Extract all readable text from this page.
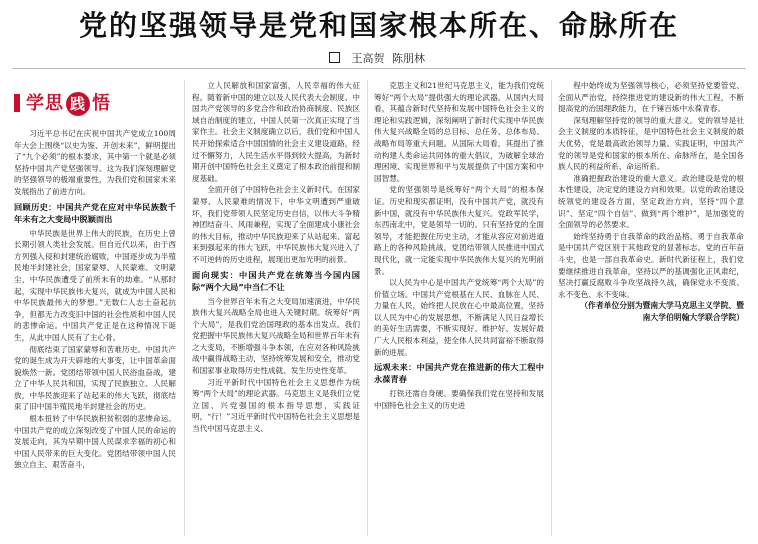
党的坚强领导是党和国家根本所在、命脉所在
王高贺 陈朋林
学思 践 悟

习近平总书记在庆祝中国共产党成立100周年大会上围绕“以史为鉴、开创未来”，鲜明提出了“九个必须”的根本要求，其中第一个就是必须坚持中国共产党坚强领导。这为我们深刻理解党的坚强领导的极端重要性，为我们党和国家未来发展指出了前进方向。

回顾历史：中国共产党在应对中华民族数千年未有之大变局中脱颖而出

中华民族是世界上伟大的民族，在历史上曾长期引领人类社会发展。但自近代以来，由于西方列强入侵和封建统治腐败，中国逐步成为半殖民地半封建社会，国家蒙辱、人民蒙难、文明蒙尘，中华民族遭受了前所未有的劫难。“从那时起，实现中华民族伟大复兴，就成为中国人民和中华民族最伟大的梦想。”无数仁人志士奋起抗争，但都无力改变旧中国的社会性质和中国人民的悲惨命运。中国共产党正是在这种情况下诞生，从此中国人民有了主心骨。

彻底结束了国家蒙辱和苦难历史。中国共产党的诞生成为开天辟地的大事变，让中国革命面貌焕然一新。党团结带领中国人民浴血奋战，建立了中华人民共和国，实现了民族独立、人民解放，中华民族迎来了站起来的伟大飞跃，彻底结束了旧中国半殖民地半封建社会的历史。

根本扭转了中华民族积贫积弱的悲惨命运。中国共产党的成立深刻改变了中国人民的命运的发展走向，其为早期中国人民谋求幸福的初心和中国人民带来的巨大变化。党团结带领中国人民独立自主、艰苦奋斗，

立人民解放和国家富强，人民幸福的伟大征程。随着新中国的建立以及人民代表大会制度、中国共产党领导的多党合作和政治协商制度、民族区域自治制度的建立，中国人民第一次真正实现了当家作主。社会主义制度确立以后，我们党和中国人民开始探索适合中国国情的社会主义建设道路，经过不懈努力，人民生活水平得到较大提高，为新时期开创中国特色社会主义奠定了根本政治前提和制度基础。

全面开创了中国特色社会主义新时代。在国家蒙辱、人民蒙难的情况下，中华文明遭到严重破坏，我们党带领人民坚定历史自信，以伟大斗争精神团结奋斗、风雨兼程，实现了全面建成小康社会的伟大目标，推动中华民族迎来了从站起来、富起来到强起来的伟大飞跃，中华民族伟大复兴进入了不可逆转的历史进程，展现出更加光明的前景。

面向现实：中国共产党在统筹当今国内国际“两个大局”中当仁不让

当今世界百年未有之大变局加速演进，中华民族伟大复兴战略全局也进入关键时期。统筹好“两个大局”，是我们党治国理政的基本出发点。我们党把握中华民族伟大复兴战略全局和世界百年未有之大变局，不断增强斗争本领，在应对各种风险挑战中赢得战略主动，坚持统筹发展和安全，推动党和国家事业取得历史性成就、发生历史性变革。

习近平新时代中国特色社会主义思想作为统筹“两个大局”的理论武器。马克思主义是我们立党立国、兴党强国的根本指导思想，实践证明，“行！”习近平新时代中国特色社会主义思想是当代中国马克思主义、

克思主义和21世纪马克思主义，能为我们党统筹好“两个大局”提供强大的理论武器。从国内大局看，其蕴含新时代坚持和发展中国特色社会主义的理论和实践逻辑，深刻阐明了新时代实现中华民族伟大复兴战略全局的总目标、总任务、总体布局、战略布局等重大问题。从国际大局看，其提出了推动构建人类命运共同体的重大倡议，为破解全球治理困境、实现世界和平与发展提供了中国方案和中国智慧。

党的坚强领导是统筹好“两个大局”的根本保证。历史和现实都证明，没有中国共产党，就没有新中国，就没有中华民族伟大复兴。党政军民学，东西南北中，党是领导一切的。只有坚持党的全面领导，才能把握住历史主动，才能从容应对前进道路上的各种风险挑战，党团结带领人民推进中国式现代化，就一定能实现中华民族伟大复兴的光明前景。

以人民为中心是中国共产党统筹“两个大局”的价值立场。中国共产党根基在人民、血脉在人民、力量在人民，始终把人民放在心中最高位置，坚持以人民为中心的发展思想，不断满足人民日益增长的美好生活需要，不断实现好、维护好、发展好最广大人民根本利益，使全体人民共同富裕不断取得新的进展。

远观未来：中国共产党在推进新的伟大工程中永葆青春

打铁还需自身硬。要确保我们党在坚持和发展中国特色社会主义的历史进

程中始终成为坚强领导核心，必须坚持党要管党、全面从严治党，持续推进党的建设新的伟大工程，不断提高党的治国理政能力，在千锤百炼中永葆青春。

深刻理解坚持党的领导的重大意义。党的领导是社会主义制度的本质特征，是中国特色社会主义制度的最大优势，党是最高政治领导力量。实践证明，中国共产党的领导是党和国家的根本所在、命脉所在，是全国各族人民的利益所系、命运所系。

准确把握政治建设的重大意义。政治建设是党的根本性建设，决定党的建设方向和效果。以党的政治建设统领党的建设各方面，坚定政治方向，坚持“四个意识”、坚定“四个自信”、做到“两个维护”，是加强党的全面领导的必然要求。

始终坚持勇于自我革命的政治品格。勇于自我革命是中国共产党区别于其他政党的显著标志。党的百年奋斗史，也是一部自我革命史。新时代新征程上，我们党要继续推进自我革命，坚持以严的基调强化正风肃纪，坚决打赢反腐败斗争攻坚战持久战，确保党永不变质、永不变色、永不变味。

（作者单位分别为暨南大学马克思主义学院、暨南大学伯明翰大学联合学院）
